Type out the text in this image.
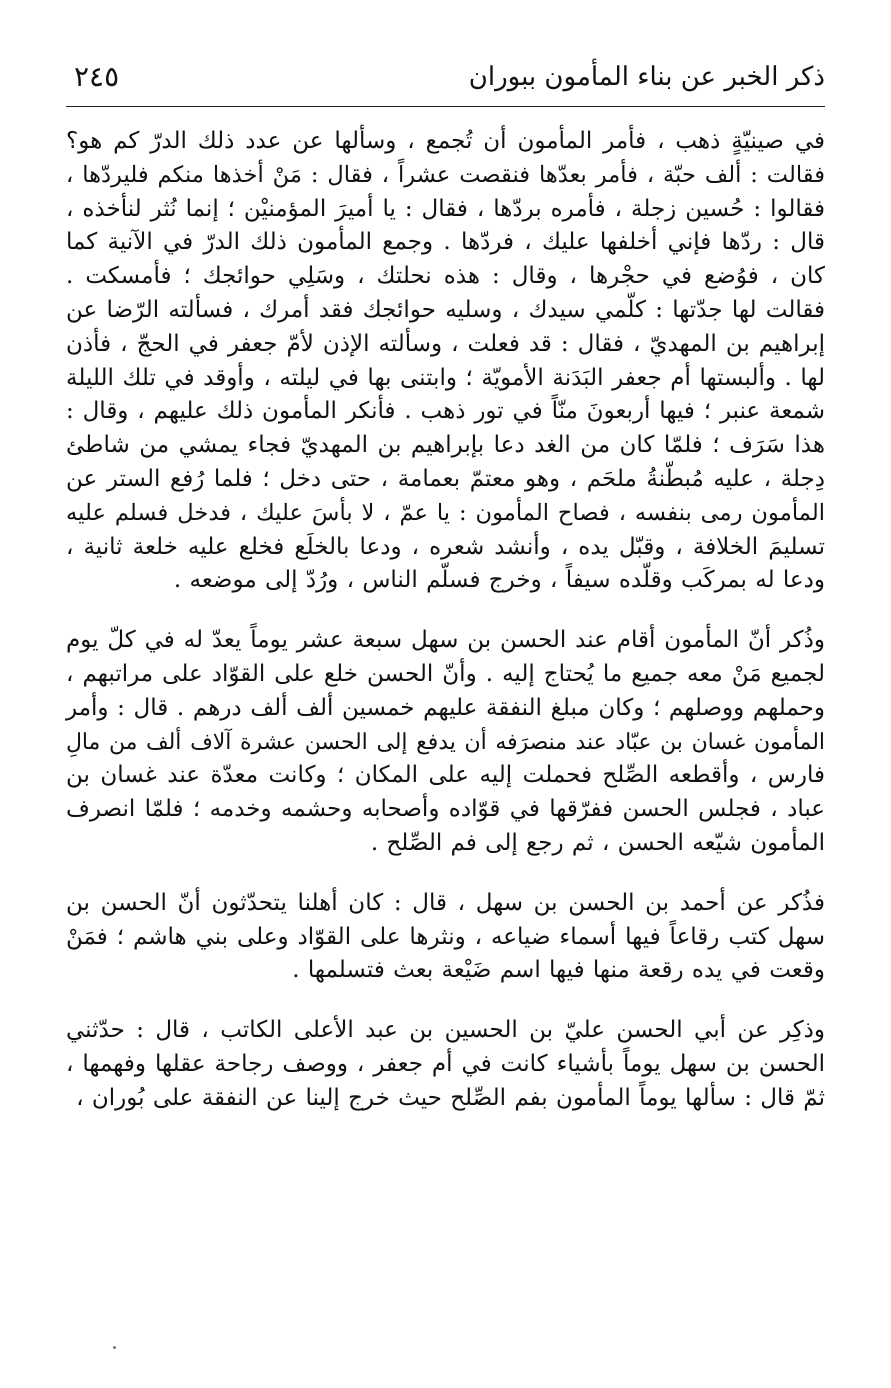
ذكر الخبر عن بناء المأمون ببوران
٢٤٥

في صينيّةٍ ذهب ، فأمر المأمون أن تُجمع ، وسألها عن عدد ذلك الدرّ كم هو؟
فقالت : ألف حبّة ، فأمر بعدّها فنقصت عشراً ، فقال : مَنْ أخذها منكم فليردّها ،
فقالوا : حُسين زجلة ، فأمره بردّها ، فقال : يا أميرَ المؤمنيْن ؛ إنما نُثر لنأخذه ،
قال : ردّها فإني أخلفها عليك ، فردّها . وجمع المأمون ذلك الدرّ في الآنية كما
كان ، فوُضع في حجْرها ، وقال : هذه نحلتك ، وسَلِي حوائجك ؛ فأمسكت .
فقالت لها جدّتها : كلّمي سيدك ، وسليه حوائجك فقد أمرك ، فسألته الرّضا عن
إبراهيم بن المهديّ ، فقال : قد فعلت ، وسألته الإذن لأمّ جعفر في الحجّ ، فأذن
لها . وألبستها أم جعفر البَدَنة الأمويّة ؛ وابتنى بها في ليلته ، وأوقد في تلك الليلة
شمعة عنبر ؛ فيها أربعونَ منّاً في تور ذهب . فأنكر المأمون ذلك عليهم ، وقال :
هذا سَرَف ؛ فلمّا كان من الغد دعا بإبراهيم بن المهديّ فجاء يمشي من شاطئ
دِجلة ، عليه مُبطّنةُ ملحَم ، وهو معتمّ بعمامة ، حتى دخل ؛ فلما رُفع الستر عن
المأمون رمى بنفسه ، فصاح المأمون : يا عمّ ، لا بأسَ عليك ، فدخل فسلم عليه
تسليمَ الخلافة ، وقبّل يده ، وأنشد شعره ، ودعا بالخلَع فخلع عليه خلعة ثانية ،
ودعا له بمركَب وقلّده سيفاً ، وخرج فسلّم الناس ، ورُدّ إلى موضعه .

وذُكر أنّ المأمون أقام عند الحسن بن سهل سبعة عشر يوماً يعدّ له في كلّ يوم
لجميع مَنْ معه جميع ما يُحتاج إليه . وأنّ الحسن خلع على القوّاد على مراتبهم ،
وحملهم ووصلهم ؛ وكان مبلغ النفقة عليهم خمسين ألف ألف درهم . قال : وأمر
المأمون غسان بن عبّاد عند منصرَفه أن يدفع إلى الحسن عشرة آلاف ألف من مالِ
فارس ، وأقطعه الصِّلح فحملت إليه على المكان ؛ وكانت معدّة عند غسان بن
عباد ، فجلس الحسن ففرّقها في قوّاده وأصحابه وحشمه وخدمه ؛ فلمّا انصرف
المأمون شيّعه الحسن ، ثم رجع إلى فم الصِّلح .

فذُكر عن أحمد بن الحسن بن سهل ، قال : كان أهلنا يتحدّثون أنّ الحسن بن
سهل كتب رقاعاً فيها أسماء ضياعه ، ونثرها على القوّاد وعلى بني هاشم ؛ فمَنْ
وقعت في يده رقعة منها فيها اسم ضَيْعة بعث فتسلمها .

وذكِر عن أبي الحسن عليّ بن الحسين بن عبد الأعلى الكاتب ، قال : حدّثني
الحسن بن سهل يوماً بأشياء كانت في أم جعفر ، ووصف رجاحة عقلها وفهمها ،
ثمّ قال : سألها يوماً المأمون بفم الصِّلح حيث خرج إلينا عن النفقة على بُوران ،
